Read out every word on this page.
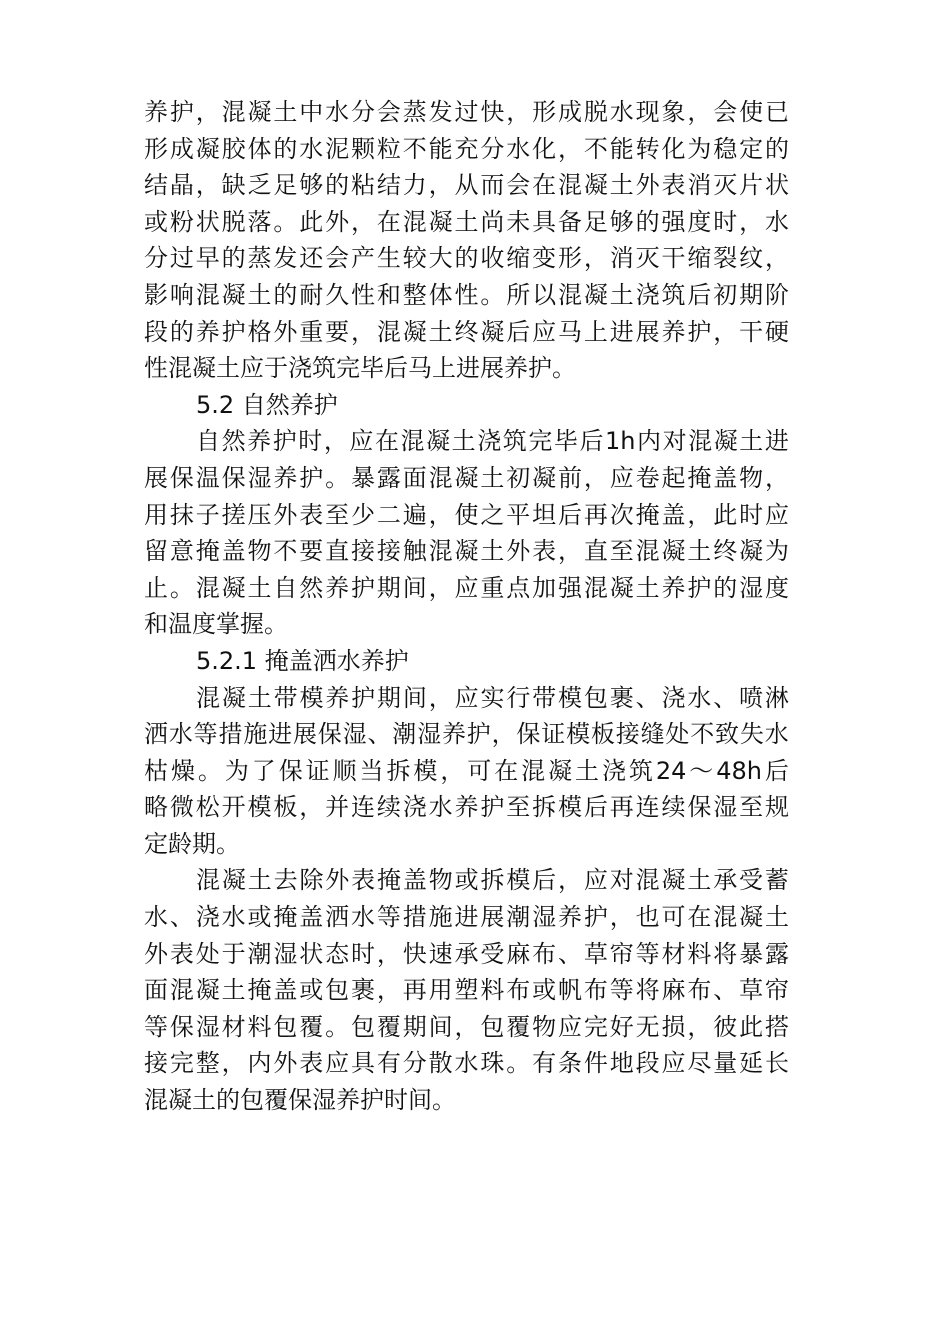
养 护 ， 混 凝 土 中 水 分 会 蒸 发 过 快 ， 形 成 脱 水 现 象 ， 会 使 已
形 成 凝 胶 体 的 水 泥 颗 粒 不 能 充 分 水 化 ， 不 能 转 化 为 稳 定 的
结 晶 ， 缺 乏 足 够 的 粘 结 力 ， 从 而 会 在 混 凝 土 外 表 消 灭 片 状
或 粉 状 脱 落 。 此 外 ， 在 混 凝 土 尚 未 具 备 足 够 的 强 度 时 ， 水
分 过 早 的 蒸 发 还 会 产 生 较 大 的 收 缩 变 形 ， 消 灭 干 缩 裂 纹 ，
影 响 混 凝 土 的 耐 久 性 和 整 体 性 。 所 以 混 凝 土 浇 筑 后 初 期 阶
段 的 养 护 格 外 重 要 ， 混 凝 土 终 凝 后 应 马 上 进 展 养 护 ， 干 硬
性混凝土应于浇筑完毕后马上进展养护。
5.2 自然养护
自 然 养 护 时 ， 应 在 混 凝 土 浇 筑 完 毕 后 1h 内 对 混 凝 土 进
展 保 温 保 湿 养 护 。 暴 露 面 混 凝 土 初 凝 前 ， 应 卷 起 掩 盖 物 ，
用 抹 子 搓 压 外 表 至 少 二 遍 ， 使 之 平 坦 后 再 次 掩 盖 ， 此 时 应
留 意 掩 盖 物 不 要 直 接 接 触 混 凝 土 外 表 ， 直 至 混 凝 土 终 凝 为
止 。 混 凝 土 自 然 养 护 期 间 ， 应 重 点 加 强 混 凝 土 养 护 的 湿 度
和温度掌握。
5.2.1 掩盖洒水养护
混 凝 土 带 模 养 护 期 间 ， 应 实 行 带 模 包 裹 、 浇 水 、 喷 淋
洒 水 等 措 施 进 展 保 湿 、 潮 湿 养 护 ， 保 证 模 板 接 缝 处 不 致 失 水
枯 燥 。 为 了 保 证 顺 当 拆 模 ， 可 在 混 凝 土 浇 筑 24 ～ 48h 后
略 微 松 开 模 板 ， 并 连 续 浇 水 养 护 至 拆 模 后 再 连 续 保 湿 至 规
定龄期。
混 凝 土 去 除 外 表 掩 盖 物 或 拆 模 后 ， 应 对 混 凝 土 承 受 蓄
水 、 浇 水 或 掩 盖 洒 水 等 措 施 进 展 潮 湿 养 护 ， 也 可 在 混 凝 土
外 表 处 于 潮 湿 状 态 时 ， 快 速 承 受 麻 布 、 草 帘 等 材 料 将 暴 露
面 混 凝 土 掩 盖 或 包 裹 ， 再 用 塑 料 布 或 帆 布 等 将 麻 布 、 草 帘
等 保 湿 材 料 包 覆 。 包 覆 期 间 ， 包 覆 物 应 完 好 无 损 ， 彼 此 搭
接 完 整 ， 内 外 表 应 具 有 分 散 水 珠 。 有 条 件 地 段 应 尽 量 延 长
混凝土的包覆保湿养护时间。
